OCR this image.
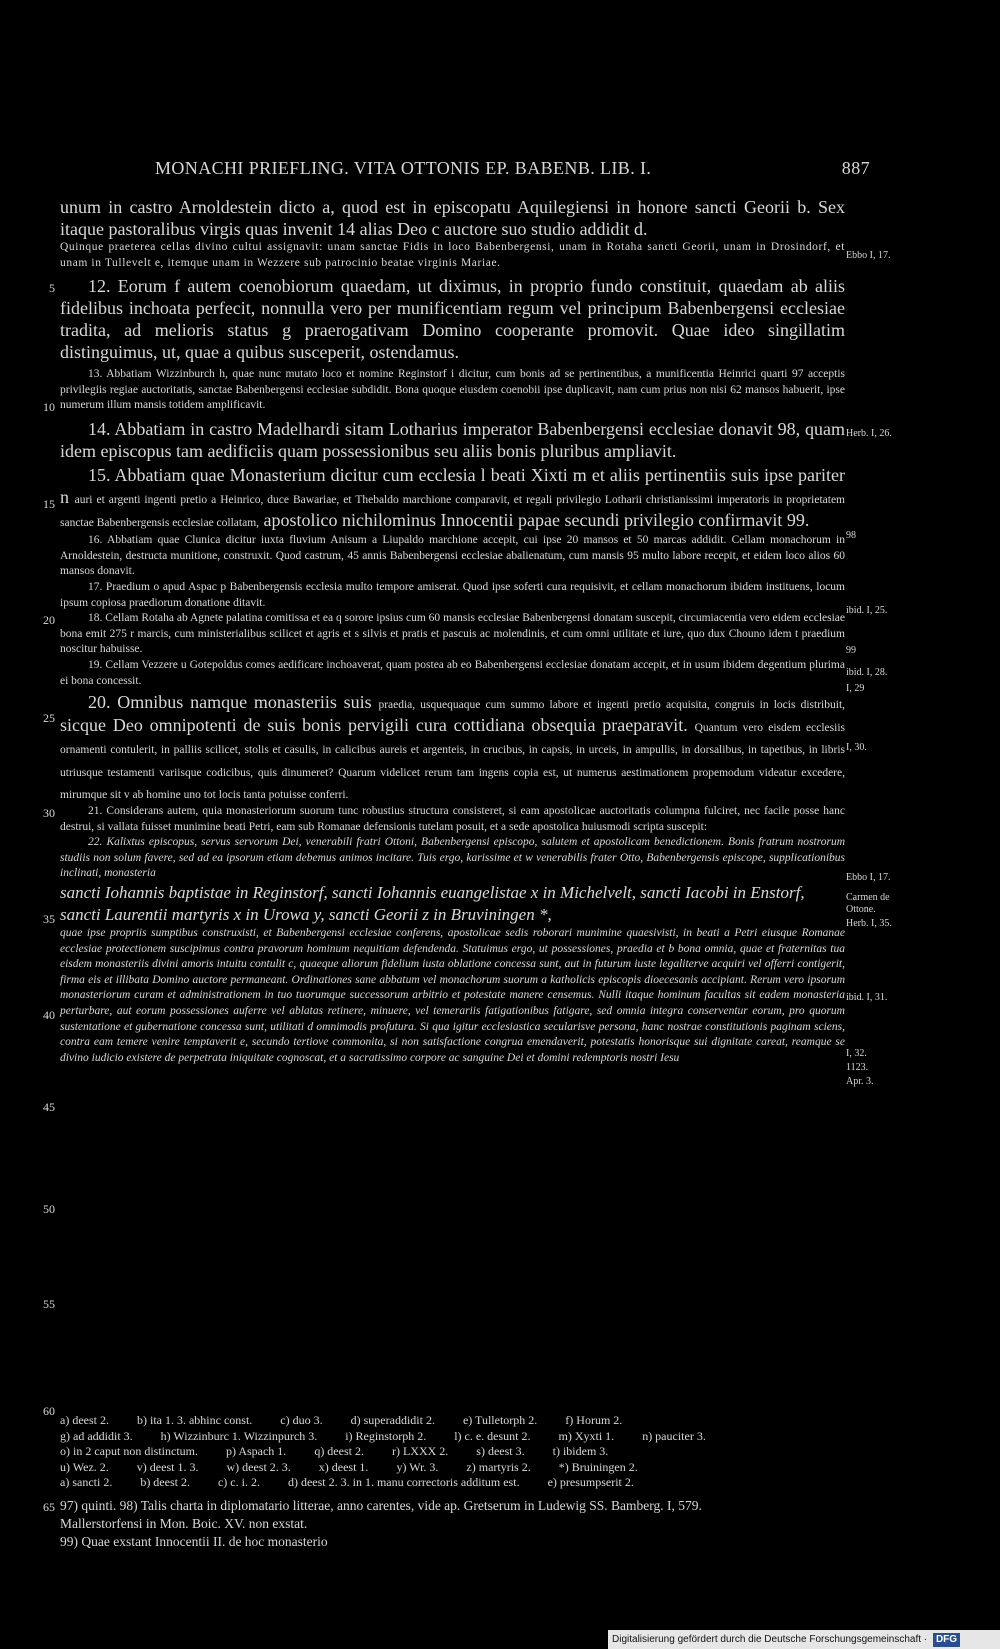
MONACHI PRIEFLING. VITA OTTONIS EP. BABENB. LIB. I.	887
5
10
15
20
25
30
35
40
45
50
55
60
65
Ebbo I, 17.
Herb. I, 26.
98
ibid. I, 25.
99
ibid. I, 28.
I, 29
I, 30.
Ebbo I, 17.
Carmen de Ottone.
Herb. I, 35.
ibid. I, 31.
I, 32.
1123.
Apr. 3.

unum in castro Arnoldestein dicto a, quod est in episcopatu Aquilegiensi in honore sancti Georii b. Sex itaque pastoralibus virgis quas invenit 14 alias Deo c auctore suo studio addidit d.

Quinque praeterea cellas divino cultui assignavit: unam sanctae Fidis in loco Babenbergensi, unam in Rotaha sancti Georii, unam in Drosindorf, et unam in Tullevelt e, itemque unam in Wezzere sub patrocinio beatae virginis Mariae.

12. Eorum f autem coenobiorum quaedam, ut diximus, in proprio fundo constituit, quaedam ab aliis fidelibus inchoata perfecit, nonnulla vero per munificentiam regum vel principum Babenbergensi ecclesiae tradita, ad melioris status g praerogativam Domino cooperante promovit. Quae ideo singillatim distinguimus, ut, quae a quibus susceperit, ostendamus.

13. Abbatiam Wizzinburch h, quae nunc mutato loco et nomine Reginstorf i dicitur, cum bonis ad se pertinentibus, a munificentia Heinrici quarti 97 acceptis privilegiis regiae auctoritatis, sanctae Babenbergensi ecclesiae subdidit. Bona quoque eiusdem coenobii ipse duplicavit, nam cum prius non nisi 62 mansos habuerit, ipse numerum illum mansis totidem amplificavit.

14. Abbatiam in castro Madelhardi sitam Lotharius imperator Babenbergensi ecclesiae donavit 98, quam idem episcopus tam aedificiis quam possessionibus seu aliis bonis pluribus ampliavit.

15. Abbatiam quae Monasterium dicitur cum ecclesia l beati Xixti m et aliis pertinentiis suis ipse pariter n auri et argenti ingenti pretio a Heinrico, duce Bawariae, et Thebaldo marchione comparavit, et regali privilegio Lotharii christianissimi imperatoris in proprietatem sanctae Babenbergensis ecclesiae collatam, apostolico nichilominus Innocentii papae secundi privilegio confirmavit 99.

16. Abbatiam quae Clunica dicitur iuxta fluvium Anisum a Liupaldo marchione accepit, cui ipse 20 mansos et 50 marcas addidit. Cellam monachorum in Arnoldestein, destructa munitione, construxit. Quod castrum, 45 annis Babenbergensi ecclesiae abalienatum, cum mansis 95 multo labore recepit, et eidem loco alios 60 mansos donavit.

17. Praedium o apud Aspac p Babenbergensis ecclesia multo tempore amiserat. Quod ipse soferti cura requisivit, et cellam monachorum ibidem instituens, locum ipsum copiosa praediorum donatione ditavit.

18. Cellam Rotaha ab Agnete palatina comitissa et ea q sorore ipsius cum 60 mansis ecclesiae Babenbergensi donatam suscepit, circumiacentia vero eidem ecclesiae bona emit 275 r marcis, cum ministerialibus scilicet et agris et s silvis et pratis et pascuis ac molendinis, et cum omni utilitate et iure, quo dux Chouno idem t praedium noscitur habuisse.

19. Cellam Vezzere u Gotepoldus comes aedificare inchoaverat, quam postea ab eo Babenbergensi ecclesiae donatam accepit, et in usum ibidem degentium plurima ei bona concessit.

20. Omnibus namque monasteriis suis praedia, usquequaque cum summo labore et ingenti pretio acquisita, congruis in locis distribuit, sicque Deo omnipotenti de suis bonis pervigili cura cottidiana obsequia praeparavit. Quantum vero eisdem ecclesiis ornamenti contulerit, in palliis scilicet, stolis et casulis, in calicibus aureis et argenteis, in crucibus, in capsis, in urceis, in ampullis, in dorsalibus, in tapetibus, in libris utriusque testamenti variisque codicibus, quis dinumeret? Quarum videlicet rerum tam ingens copia est, ut numerus aestimationem propemodum videatur excedere, mirumque sit v ab homine uno tot locis tanta potuisse conferri.

21. Considerans autem, quia monasteriorum suorum tunc robustius structura consisteret, si eam apostolicae auctoritatis columpna fulciret, nec facile posse hanc destrui, si vallata fuisset munimine beati Petri, eam sub Romanae defensionis tutelam posuit, et a sede apostolica huiusmodi scripta suscepit:

22. Kalixtus episcopus, servus servorum Dei, venerabili fratri Ottoni, Babenbergensi episcopo, salutem et apostolicam benedictionem. Bonis fratrum nostrorum studiis non solum favere, sed ad ea ipsorum etiam debemus animos incitare. Tuis ergo, karissime et w venerabilis frater Otto, Babenbergensis episcope, supplicationibus inclinati, monasteria

sancti Iohannis baptistae in Reginstorf, sancti Iohannis euangelistae x in Michelvelt, sancti Iacobi in Enstorf, sancti Laurentii martyris x in Urowa y, sancti Georii z in Bruviningen *,

quae ipse propriis sumptibus construxisti, et Babenbergensi ecclesiae conferens, apostolicae sedis roborari munimine quaesivisti, in beati a Petri eiusque Romanae ecclesiae protectionem suscipimus contra pravorum hominum nequitiam defendenda. Statuimus ergo, ut possessiones, praedia et b bona omnia, quae et fraternitas tua eisdem monasteriis divini amoris intuitu contulit c, quaeque aliorum fidelium iusta oblatione concessa sunt, aut in futurum iuste legaliterve acquiri vel offerri contigerit, firma eis et illibata Domino auctore permaneant. Ordinationes sane abbatum vel monachorum suorum a katholicis episcopis dioecesanis accipiant. Rerum vero ipsorum monasteriorum curam et administrationem in tuo tuorumque successorum arbitrio et potestate manere censemus. Nulli itaque hominum facultas sit eadem monasteria perturbare, aut eorum possessiones auferre vel ablatas retinere, minuere, vel temerariis fatigationibus fatigare, sed omnia integra conserventur eorum, pro quorum sustentatione et gubernatione concessa sunt, utilitati d omnimodis profutura. Si qua igitur ecclesiastica secularisve persona, hanc nostrae constitutionis paginam sciens, contra eam temere venire temptaverit e, secundo tertiove commonita, si non satisfactione congrua emendaverit, potestatis honorisque sui dignitate careat, reamque se divino iudicio existere de perpetrata iniquitate cognoscat, et a sacratissimo corpore ac sanguine Dei et domini redemptoris nostri Iesu

a) deest 2. b) ita 1. 3. abhinc const. c) duo 3. d) superaddidit 2. e) Tulletorph 2. f) Horum 2.
g) ad addidit 3. h) Wizzinburc 1. Wizzinpurch 3. i) Reginstorph 2. l) c. e. desunt 2. m) Xyxti 1. n) pauciter 3.
o) in 2 caput non distinctum. p) Aspach 1. q) deest 2. r) LXXX 2. s) deest 3. t) ibidem 3.
u) Wez. 2. v) deest 1. 3. w) deest 2. 3. x) deest 1. y) Wr. 3. z) martyris 2. *) Bruiningen 2.
a) sancti 2. b) deest 2. c) c. i. 2. d) deest 2. 3. in 1. manu correctoris additum est. e) presumpserit 2.

97) quinti. 98) Talis charta in diplomatario litterae, anno carentes, vide ap. Gretserum in Ludewig SS. Bamberg. I, 579.

Mallerstorfensi in Mon. Boic. XV. non exstat.

99) Quae exstant Innocentii II. de hoc monasterio

Digitalisierung gefördert durch die Deutsche Forschungsgemeinschaft · DFG
